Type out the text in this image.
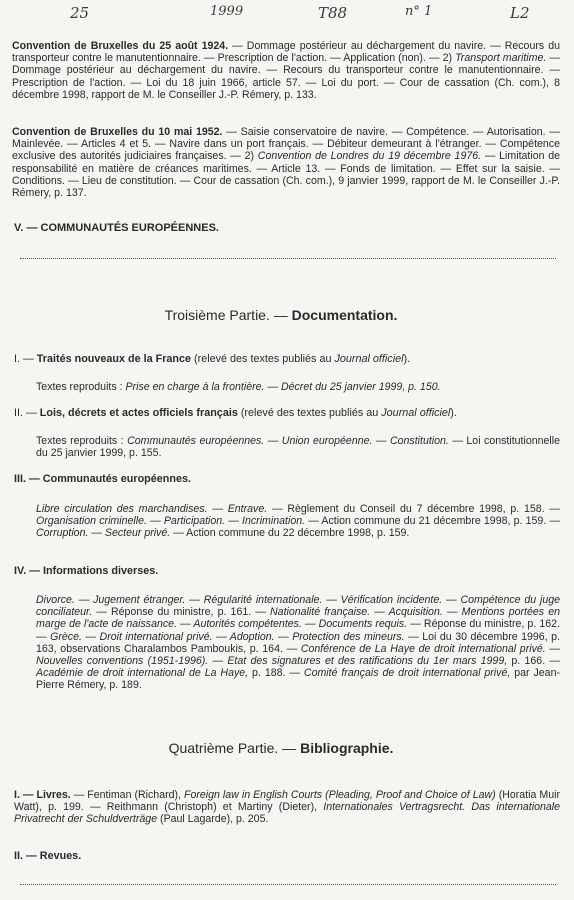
25	1999	T88	n° 1	L2
Convention de Bruxelles du 25 août 1924. — Dommage postérieur au déchargement du navire. — Recours du transporteur contre le manutentionnaire. — Prescription de l'action. — Application (non). — 2) Transport maritime. — Dommage postérieur au déchargement du navire. — Recours du transporteur contre le manutentionnaire. — Prescription de l'action. — Loi du 18 juin 1966, article 57. — Loi du port. — Cour de cassation (Ch. com.), 8 décembre 1998, rapport de M. le Conseiller J.-P. Rémery, p. 133.
Convention de Bruxelles du 10 mai 1952. — Saisie conservatoire de navire. — Compétence. — Autorisation. — Mainlevée. — Articles 4 et 5. — Navire dans un port français. — Débiteur demeurant à l'étranger. — Compétence exclusive des autorités judiciaires françaises. — 2) Convention de Londres du 19 décembre 1976. — Limitation de responsabilité en matière de créances maritimes. — Article 13. — Fonds de limitation. — Effet sur la saisie. — Conditions. — Lieu de constitution. — Cour de cassation (Ch. com.), 9 janvier 1999, rapport de M. le Conseiller J.-P. Rémery, p. 137.
V. — COMMUNAUTÉS EUROPÉENNES.
Troisième Partie. — Documentation.
I. — Traités nouveaux de la France (relevé des textes publiés au Journal officiel).
Textes reproduits : Prise en charge à la frontière. — Décret du 25 janvier 1999, p. 150.
II. — Lois, décrets et actes officiels français (relevé des textes publiés au Journal officiel).
Textes reproduits : Communautés européennes. — Union européenne. — Constitution. — Loi constitutionnelle du 25 janvier 1999, p. 155.
III. — Communautés européennes.
Libre circulation des marchandises. — Entrave. — Règlement du Conseil du 7 décembre 1998, p. 158. — Organisation criminelle. — Participation. — Incrimination. — Action commune du 21 décembre 1998, p. 159. — Corruption. — Secteur privé. — Action commune du 22 décembre 1998, p. 159.
IV. — Informations diverses.
Divorce. — Jugement étranger. — Régularité internationale. — Vérification incidente. — Compétence du juge conciliateur. — Réponse du ministre, p. 161. — Nationalité française. — Acquisition. — Mentions portées en marge de l'acte de naissance. — Autorités compétentes. — Documents requis. — Réponse du ministre, p. 162. — Grèce. — Droit international privé. — Adoption. — Protection des mineurs. — Loi du 30 décembre 1996, p. 163, observations Charalambos Pamboukis, p. 164. — Conférence de La Haye de droit international privé. — Nouvelles conventions (1951-1996). — Etat des signatures et des ratifications du 1er mars 1999, p. 166. — Académie de droit international de La Haye, p. 188. — Comité français de droit international privé, par Jean-Pierre Rémery, p. 189.
Quatrième Partie. — Bibliographie.
I. — Livres. — Fentiman (Richard), Foreign law in English Courts (Pleading, Proof and Choice of Law) (Horatia Muir Watt), p. 199. — Reithmann (Christoph) et Martiny (Dieter), Internationales Vertragsrecht. Das internationale Privatrecht der Schuldverträge (Paul Lagarde), p. 205.
II. — Revues.
